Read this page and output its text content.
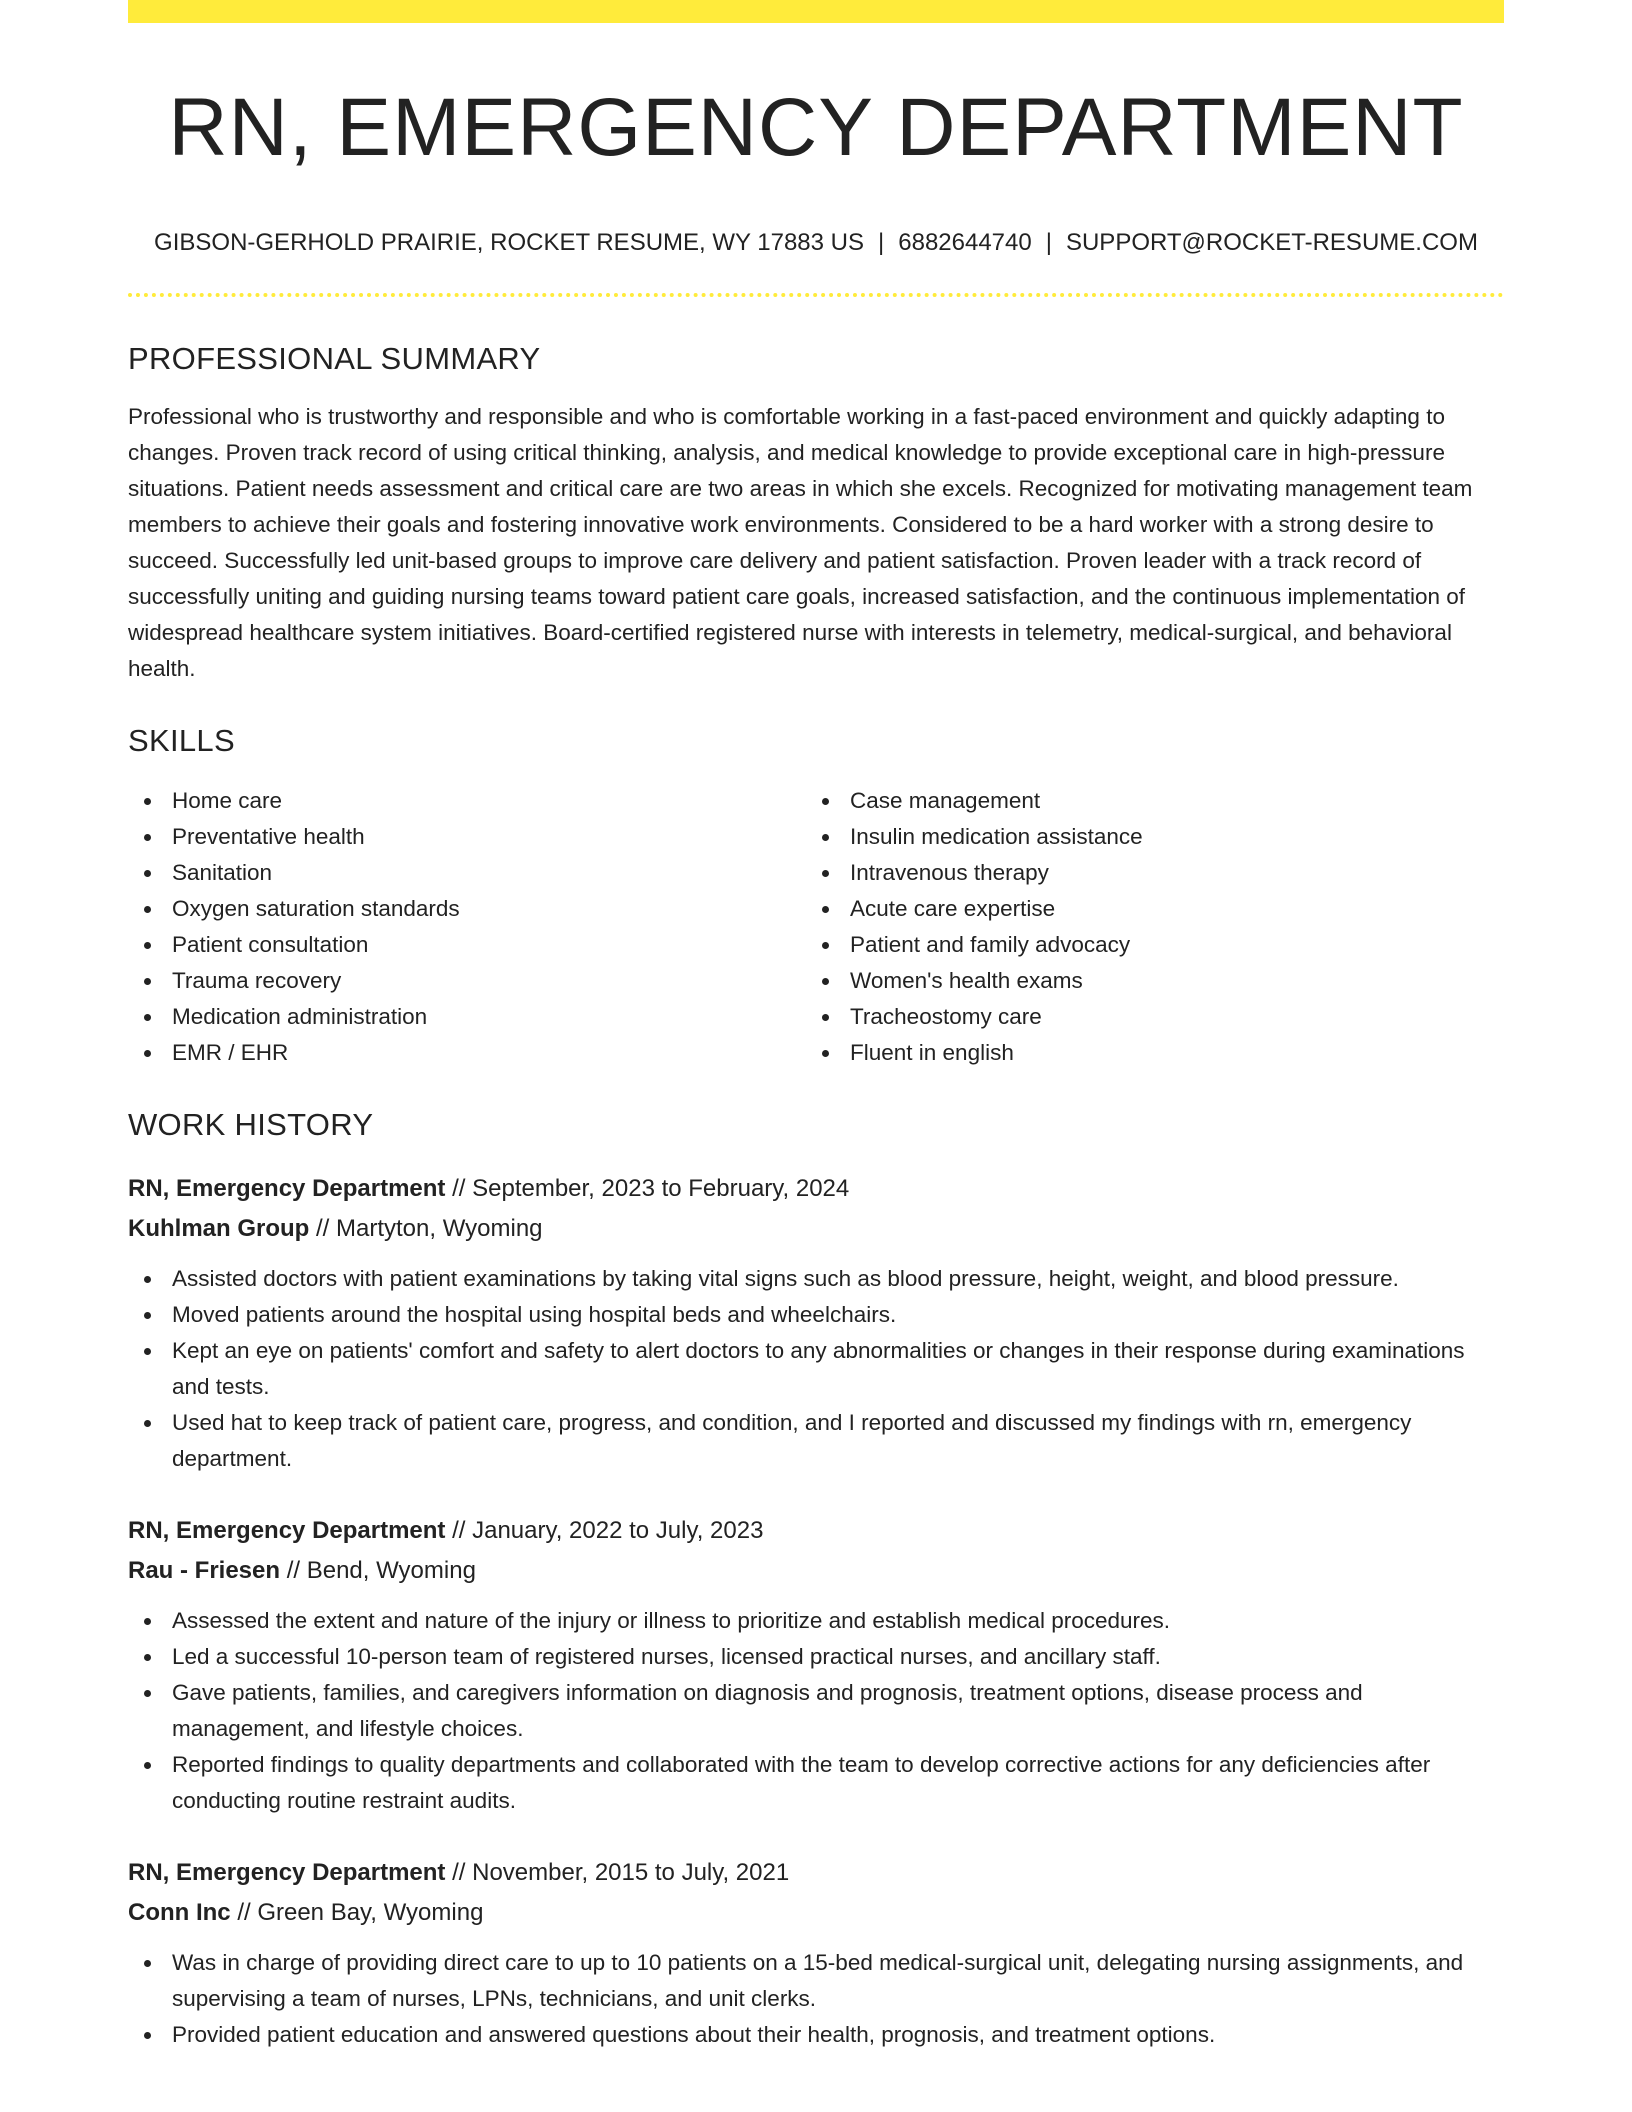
RN, EMERGENCY DEPARTMENT
GIBSON-GERHOLD PRAIRIE, ROCKET RESUME, WY 17883 US | 6882644740 | SUPPORT@ROCKET-RESUME.COM
PROFESSIONAL SUMMARY

Professional who is trustworthy and responsible and who is comfortable working in a fast-paced environment and quickly adapting to changes. Proven track record of using critical thinking, analysis, and medical knowledge to provide exceptional care in high-pressure situations. Patient needs assessment and critical care are two areas in which she excels. Recognized for motivating management team members to achieve their goals and fostering innovative work environments. Considered to be a hard worker with a strong desire to succeed. Successfully led unit-based groups to improve care delivery and patient satisfaction. Proven leader with a track record of successfully uniting and guiding nursing teams toward patient care goals, increased satisfaction, and the continuous implementation of widespread healthcare system initiatives. Board-certified registered nurse with interests in telemetry, medical-surgical, and behavioral health.

SKILLS
Home care
Preventative health
Sanitation
Oxygen saturation standards
Patient consultation
Trauma recovery
Medication administration
EMR / EHR
Case management
Insulin medication assistance
Intravenous therapy
Acute care expertise
Patient and family advocacy
Women's health exams
Tracheostomy care
Fluent in english
WORK HISTORY
RN, Emergency Department // September, 2023 to February, 2024
Kuhlman Group // Martyton, Wyoming
Assisted doctors with patient examinations by taking vital signs such as blood pressure, height, weight, and blood pressure.
Moved patients around the hospital using hospital beds and wheelchairs.
Kept an eye on patients' comfort and safety to alert doctors to any abnormalities or changes in their response during examinations and tests.
Used hat to keep track of patient care, progress, and condition, and I reported and discussed my findings with rn, emergency department.
RN, Emergency Department // January, 2022 to July, 2023
Rau - Friesen // Bend, Wyoming
Assessed the extent and nature of the injury or illness to prioritize and establish medical procedures.
Led a successful 10-person team of registered nurses, licensed practical nurses, and ancillary staff.
Gave patients, families, and caregivers information on diagnosis and prognosis, treatment options, disease process and management, and lifestyle choices.
Reported findings to quality departments and collaborated with the team to develop corrective actions for any deficiencies after conducting routine restraint audits.
RN, Emergency Department // November, 2015 to July, 2021
Conn Inc // Green Bay, Wyoming
Was in charge of providing direct care to up to 10 patients on a 15-bed medical-surgical unit, delegating nursing assignments, and supervising a team of nurses, LPNs, technicians, and unit clerks.
Provided patient education and answered questions about their health, prognosis, and treatment options.
